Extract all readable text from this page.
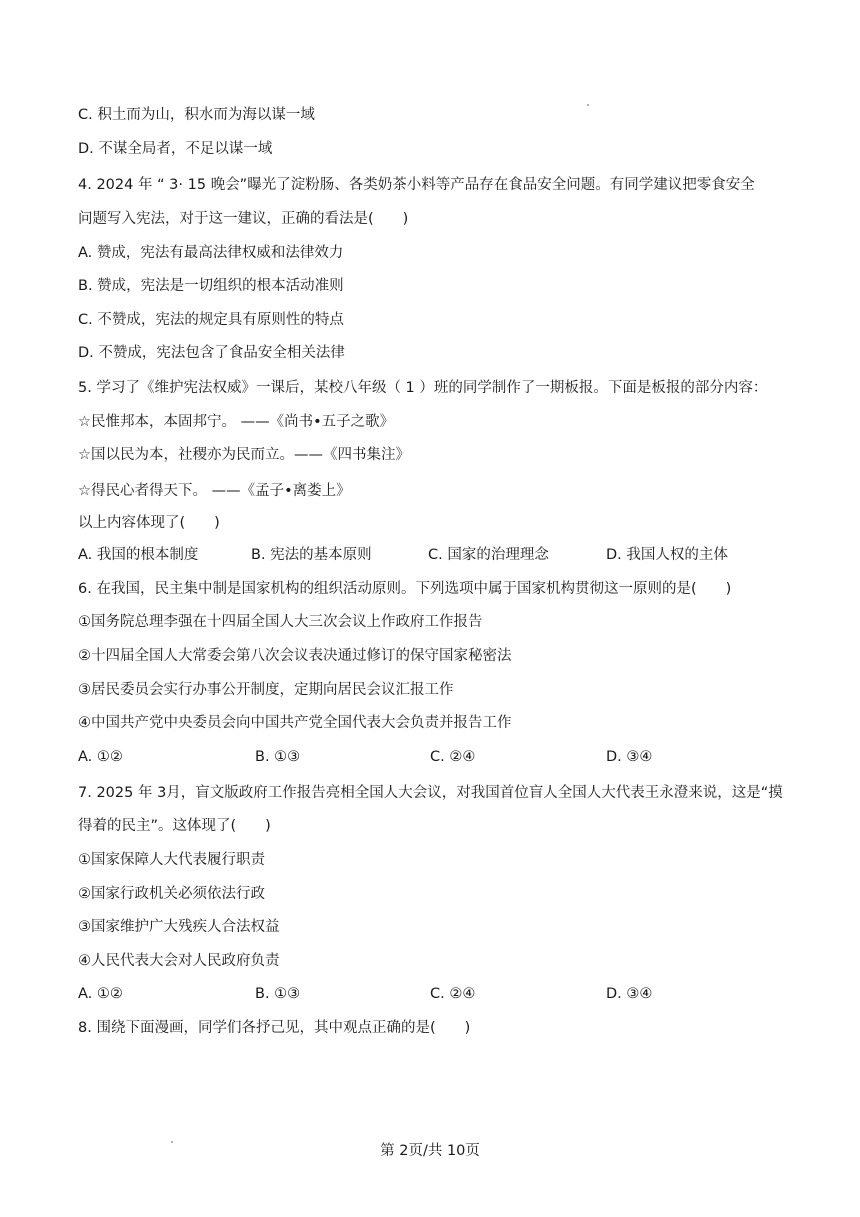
C. 积土而为山，积水而为海以谋一域
D. 不谋全局者，不足以谋一域
4. 2024 年 “ 3· 15 晚会”曝光了淀粉肠、各类奶茶小料等产品存在食品安全问题。有同学建议把零食安全
问题写入宪法，对于这一建议，正确的看法是(　　)
A. 赞成，宪法有最高法律权威和法律效力
B. 赞成，宪法是一切组织的根本活动准则
C. 不赞成，宪法的规定具有原则性的特点
D. 不赞成，宪法包含了食品安全相关法律
5. 学习了《维护宪法权威》一课后，某校八年级（ 1 ）班的同学制作了一期板报。下面是板报的部分内容：
☆民惟邦本，本固邦宁。 ——《尚书•五子之歌》
☆国以民为本，社稷亦为民而立。——《四书集注》
☆得民心者得天下。 ——《孟子•离娄上》
以上内容体现了(　　)
A. 我国的根本制度	B. 宪法的基本原则	C. 国家的治理理念	D. 我国人权的主体
6. 在我国，民主集中制是国家机构的组织活动原则。下列选项中属于国家机构贯彻这一原则的是(　　)
①国务院总理李强在十四届全国人大三次会议上作政府工作报告
②十四届全国人大常委会第八次会议表决通过修订的保守国家秘密法
③居民委员会实行办事公开制度，定期向居民会议汇报工作
④中国共产党中央委员会向中国共产党全国代表大会负责并报告工作
A. ①②	B. ①③	C. ②④	D. ③④
7. 2025 年 3月，盲文版政府工作报告亮相全国人大会议，对我国首位盲人全国人大代表王永澄来说，这是“摸
得着的民主”。这体现了(　　)
①国家保障人大代表履行职责
②国家行政机关必须依法行政
③国家维护广大残疾人合法权益
④人民代表大会对人民政府负责
A. ①②	B. ①③	C. ②④	D. ③④
8. 围绕下面漫画，同学们各抒己见，其中观点正确的是(　　)
第 2页/共 10页
